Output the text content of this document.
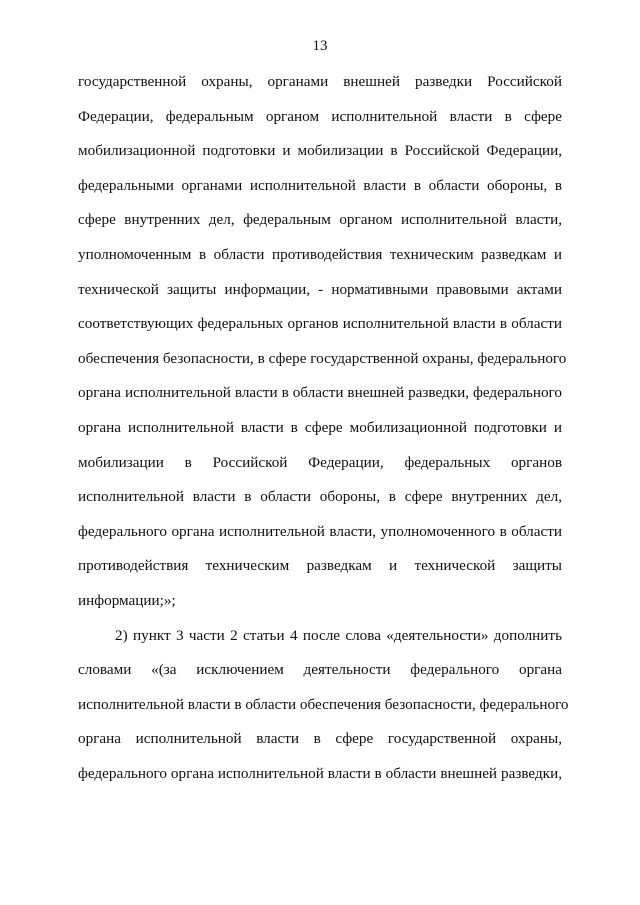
13
государственной охраны, органами внешней разведки Российской
Федерации, федеральным органом исполнительной власти в сфере
мобилизационной подготовки и мобилизации в Российской Федерации,
федеральными органами исполнительной власти в области обороны, в
сфере внутренних дел, федеральным органом исполнительной власти,
уполномоченным в области противодействия техническим разведкам и
технической защиты информации, - нормативными правовыми актами
соответствующих федеральных органов исполнительной власти в области
обеспечения безопасности, в сфере государственной охраны, федерального
органа исполнительной власти в области внешней разведки, федерального
органа исполнительной власти в сфере мобилизационной подготовки и
мобилизации в Российской Федерации, федеральных органов
исполнительной власти в области обороны, в сфере внутренних дел,
федерального органа исполнительной власти, уполномоченного в области
противодействия техническим разведкам и технической защиты
информации;»;
2) пункт 3 части 2 статьи 4 после слова «деятельности» дополнить
словами «(за исключением деятельности федерального органа
исполнительной власти в области обеспечения безопасности, федерального
органа исполнительной власти в сфере государственной охраны,
федерального органа исполнительной власти в области внешней разведки,
